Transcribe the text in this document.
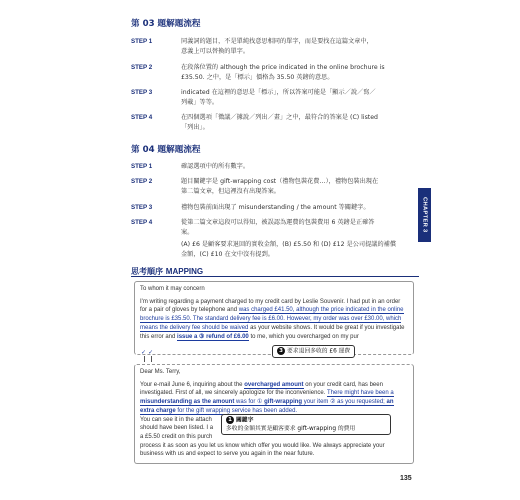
第 03 題解題流程
STEP 1	同義詞的題目，不是單純找意思相同的單字，而是要找在這篇文章中，
意義上可以替換的單字。
STEP 2	在段落位置的 although the price indicated in the online brochure is
£35.50. 之中，是「標示」價格為 35.50 英鎊的意思。
STEP 3	indicated 在這裡的意思是「標示」，所以答案可能是「顯示／說／寫／
列載」等等。
STEP 4	在四個選項「徵議／據說／列出／畫」之中，最符合的答案是 (C) listed
「列出」。
第 04 題解題流程
STEP 1	確認選項中的所有數字。
STEP 2	題目關鍵字是 gift-wrapping cost（禮物包裝花費…），禮物包裝出現在
第二篇文章，但這裡沒有出現答案。
STEP 3	禮物包裝前面出現了 misunderstanding / the amount 等關鍵字。
STEP 4	從第二篇文章這段可以得知，被誤認為運費的包裝費用 6 英鎊是正確答
案。
(A) £6 是顧客要求退回的實收金額，(B) £5.50 和 (D) £12 是公司提議的補償
金額，(C) £10 在文中沒有提到。
思考順序 MAPPING
To whom it may concern
I'm writing regarding a payment charged to my credit card by Leslie Souvenir. I had put in an order for a pair of gloves by telephone and was charged £41.50, although the price indicated in the online brochure is £35.50. The standard delivery fee is £6.00. However, my order was over £30.00, which means the delivery fee should be waived as your website shows. It would be great if you investigate this error and issue a ③ refund of £6.00 to me, which you overcharged on my pur
✓ ✓	3 要求退回多收的 £6 運費
Dear Ms. Terry,
Your e-mail June 6, inquiring about the overcharged amount on your credit card, has been investigated. First of all, we sincerely apologize for the inconvenience. There might have been a misunderstanding as the amount was for ① gift-wrapping your item ② as you requested; an extra charge for the gift wrapping service has been added.
You can see it in the attach
should have been listed. I a
a £5.50 credit on this purch
process it as soon as you let us know which offer you would like. We always appreciate your business with us and expect to serve you again in the near future.
1 關鍵字
多收的金額其實是顧客要求 gift-wrapping 的費用
CHAPTER 3
135
